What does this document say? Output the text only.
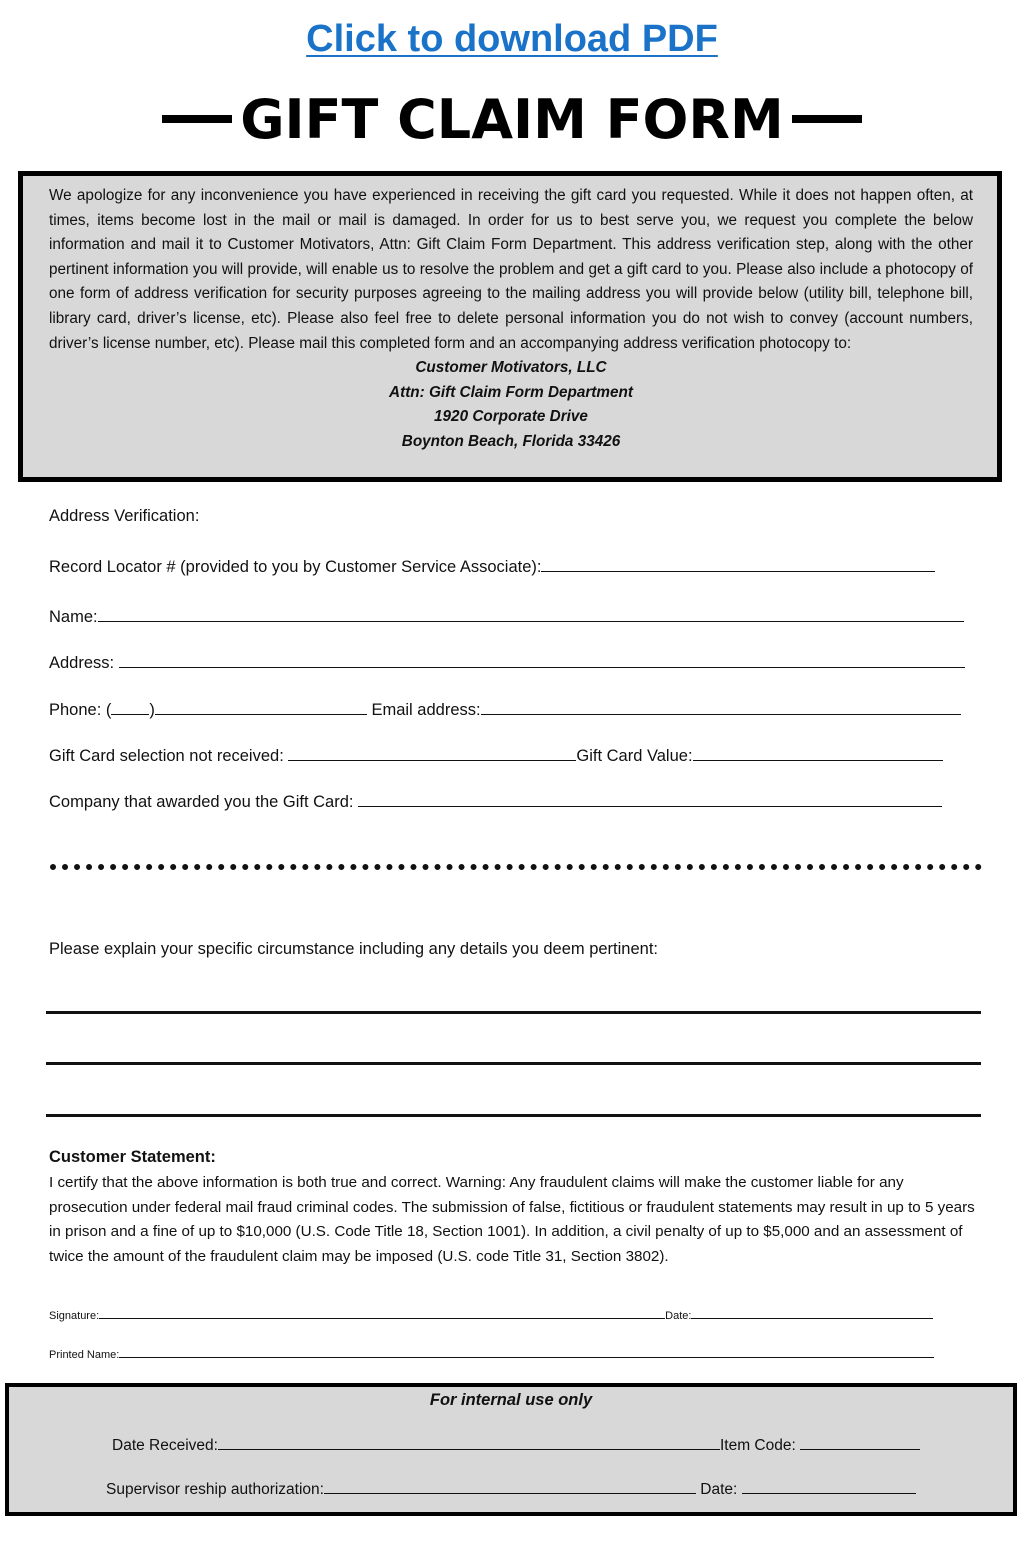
Click to download PDF
GIFT CLAIM FORM

We apologize for any inconvenience you have experienced in receiving the gift card you requested. While it does not happen often, at times, items become lost in the mail or mail is damaged. In order for us to best serve you, we request you complete the below information and mail it to Customer Motivators, Attn: Gift Claim Form Department. This address verification step, along with the other pertinent information you will provide, will enable us to resolve the problem and get a gift card to you. Please also include a photocopy of one form of address verification for security purposes agreeing to the mailing address you will provide below (utility bill, telephone bill, library card, driver’s license, etc). Please also feel free to delete personal information you do not wish to convey (account numbers, driver’s license number, etc). Please mail this completed form and an accompanying address verification photocopy to:

Customer Motivators, LLC
Attn: Gift Claim Form Department
1920 Corporate Drive
Boynton Beach, Florida 33426
Address Verification:
Record Locator # (provided to you by Customer Service Associate):
Name:
Address:
Phone: ( )	Email address:
Gift Card selection not received:	Gift Card Value:
Company that awarded you the Gift Card:
Please explain your specific circumstance including any details you deem pertinent:
Customer Statement:

I certify that the above information is both true and correct. Warning: Any fraudulent claims will make the customer liable for any prosecution under federal mail fraud criminal codes. The submission of false, fictitious or fraudulent statements may result in up to 5 years in prison and a fine of up to $10,000 (U.S. Code Title 18, Section 1001). In addition, a civil penalty of up to $5,000 and an assessment of twice the amount of the fraudulent claim may be imposed (U.S. code Title 31, Section 3802).

Signature:	Date:
Printed Name:
For internal use only
Date Received:	Item Code:
Supervisor reship authorization:	Date:
